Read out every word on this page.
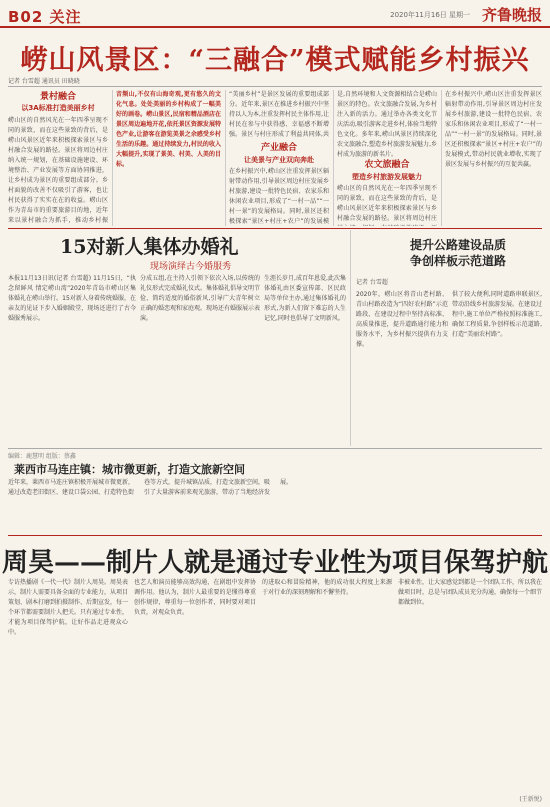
B02 关注	2020年11月16日 星期一 齐鲁晚报
崂山风景区：“三融合”模式赋能乡村振兴
记者 台雪超 通讯员 田晓晓
景村融合
以3A标准打造美丽乡村
崂山区的自然风光在一年四季呈现不同的景致，而在这些景致的背后，是崂山风景区近年来积极探索景区与乡村融合发展的路径。景区将周边村庄纳入统一规划，在基础设施建设、环境整治、产业发展等方面协同推进，让乡村成为景区的重要组成部分。乡村面貌的改善不仅吸引了游客，也让村民获得了实实在在的收益。崂山区作为青岛市的重要旅游目的地，近年来以景村融合为抓手，推动乡村振
音频山,不仅有山海奇观,更有悠久的文化气息。处处美丽的乡村构成了一幅美好的画卷。崂山景区,民宿和精品酒店在景区周边遍地开花,依托景区资源发展特色产业,让游客在游览美景之余感受乡村生活的乐趣。通过持续发力,村民的收入大幅提升,实现了景美、村美、人美的目标。
“美丽乡村”是景区发展的重要组成部分。近年来,景区在推进乡村振兴中坚持以人为本,注重发挥村民主体作用,让村民在参与中获得感、幸福感不断增强。景区与村庄形成了利益共同体,共
产业融合
让美景与产业双向奔赴
在乡村振兴中,崂山区注重发挥景区辐射带动作用,引导景区周边村庄发展乡村旅游,建设一批特色民宿、农家乐和休闲农业项目,形成了“一村一品”“一村一景”的发展格局。同时,景区还积极探索“景区+村庄+农户”的发展模
是,自然环境和人文资源相结合是崂山景区的特色。农文旅融合发展,为乡村注入新的活力。通过举办各类文化节庆活动,吸引游客走进乡村,体验当地特色文化。多年来,崂山风景区持续深化农文旅融合,塑造乡村旅游发展魅力,乡村成为旅游的新名片。
农文旅融合
塑造乡村旅游发展魅力
崂山区的自然风光在一年四季呈现不同的景致，而在这些景致的背后，是崂山风景区近年来积极探索景区与乡村融合发展的路径。景区将周边村庄
在乡村振兴中,崂山区注重发挥景区辐射带动作用,引导景区周边村庄发展乡村旅游,建设一批特色民宿、农家乐和休闲农业项目,形成了“一村一品”“一村一景”的发展格局。同时,景区还积极探索“景区+村庄+农户”的发展模式,带动村民就业增收,实现了景区发展与乡村振兴的互促共赢。
15对新人集体办婚礼
现场演绎古今婚服秀
本报11月13日讯(记者 台雪超) 11月15日，“执念留鲜风 情定崂山湾”2020年青岛市崂山区集体婚礼在崂山举行。15对新人身着传统婚服，在亲友的见证下步入婚姻殿堂，现场还进行了古今婚服秀展示。
分成五组,在主持人引领下依次入场,以传统的礼仪形式完成婚礼仪式。集体婚礼倡导文明节俭、简约适度的婚俗新风,引导广大青年树立正确的婚恋观和家庭观。现场还有婚服展示表演。
生涯长岁月,成百年恩爱,此次集体婚礼由区委宣传部、区民政局等单位主办,通过集体婚礼的形式,为新人们留下难忘的人生记忆,同时也倡导了文明新风。
提升公路建设品质
争创样板示范道路
记者 台雪超
2020年，崂山区将青山老村路、青山村路改造为“四好农村路”示范路段，在建设过程中坚持高标准、高质量推进，提升道路通行能力和服务水平，为乡村振兴提供有力支撑。
供了较大便利,同时道路串联景区,带动沿线乡村旅游发展。在建设过程中,施工单位严格按照标准施工,确保工程质量,争创样板示范道路,打造“美丽农村路”。
编辑：鹿慧明 组版：蔡鑫
莱西市马连庄镇：城市微更新，打造文旅新空间
近年来，莱西市马连庄镇积极开展城市微更新，通过改造老旧街区、建设口袋公园、打造特色街巷等方式，提升城镇品质，打造文旅新空间，吸引了大量游客前来观光旅游，带动了当地经济发展。
周昊——制片人就是通过专业性为项目保驾护航
专访热播剧《一代一代》制片人周昊。周昊表示，制片人需要具备全面的专业能力，从项目策划、剧本打磨到拍摄制作、后期宣发，每一个环节都需要制片人把关。只有通过专业性，才能为项目保驾护航，让好作品走进观众心中。
也艺人和演员能够高效沟通，在剧组中发挥协调作用。他认为，制片人最重要的是懂得尊重创作规律，尊重每一位创作者，同时要对项目负责，对观众负责。
的进取心和冒险精神，他的成功很大程度上来源于对行业的深刻理解和不懈坚持。
非被业性，让大家感觉到都是一个团队工作，所以我在做项目时，总是与团队成员充分沟通，确保每一个细节都做到位。
(王新悦)
